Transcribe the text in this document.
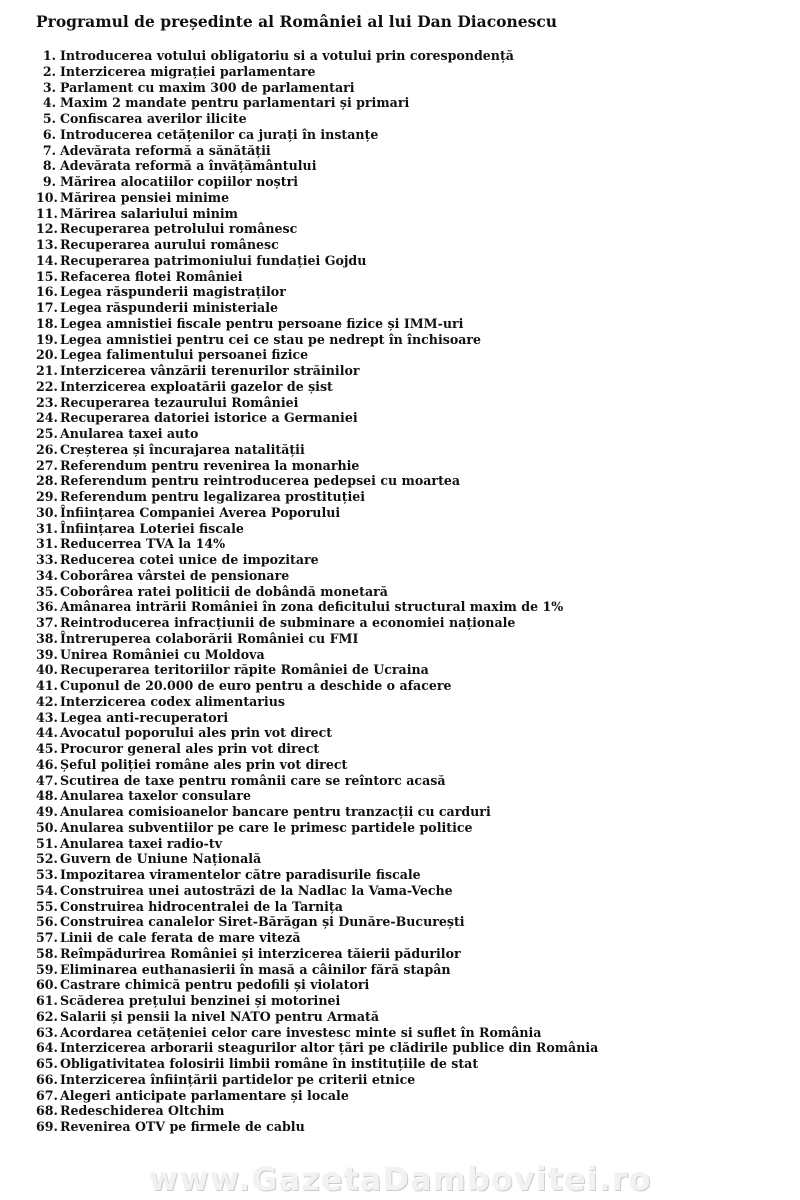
Programul de președinte al României al lui Dan Diaconescu
1. Introducerea votului obligatoriu si a votului prin corespondență
2. Interzicerea migrației parlamentare
3. Parlament cu maxim 300 de parlamentari
4. Maxim 2 mandate pentru parlamentari și primari
5. Confiscarea averilor ilicite
6. Introducerea cetățenilor ca jurați în instanțe
7. Adevărata reformă a sănătății
8. Adevărata reformă a învățământului
9. Mărirea alocatiilor copiilor noștri
10. Mărirea pensiei minime
11. Mărirea salariului minim
12. Recuperarea petrolului românesc
13. Recuperarea aurului românesc
14. Recuperarea patrimoniului fundației Gojdu
15. Refacerea flotei României
16. Legea răspunderii magistraților
17. Legea răspunderii ministeriale
18. Legea amnistiei fiscale pentru persoane fizice și IMM-uri
19. Legea amnistiei pentru cei ce stau pe nedrept în închisoare
20. Legea falimentului persoanei fizice
21. Interzicerea vânzării terenurilor străinilor
22. Interzicerea exploatării gazelor de șist
23. Recuperarea tezaurului României
24. Recuperarea datoriei istorice a Germaniei
25. Anularea taxei auto
26. Creșterea și încurajarea natalității
27. Referendum pentru revenirea la monarhie
28. Referendum pentru reintroducerea pedepsei cu moartea
29. Referendum pentru legalizarea prostituției
30. Înființarea Companiei Averea Poporului
31. Înființarea Loteriei fiscale
31. Reducerrea TVA la 14%
33. Reducerea cotei unice de impozitare
34. Coborârea vârstei de pensionare
35. Coborârea ratei politicii de dobândă monetară
36. Amânarea intrării României în zona deficitului structural maxim de 1%
37. Reintroducerea infracțiunii de subminare a economiei naționale
38. Întreruperea colaborării României cu FMI
39. Unirea României cu Moldova
40. Recuperarea teritoriilor răpite României de Ucraina
41. Cuponul de 20.000 de euro pentru a deschide o afacere
42. Interzicerea codex alimentarius
43. Legea anti-recuperatori
44. Avocatul poporului ales prin vot direct
45. Procuror general ales prin vot direct
46. Șeful poliției române ales prin vot direct
47. Scutirea de taxe pentru românii care se reîntorc acasă
48. Anularea taxelor consulare
49. Anularea comisioanelor bancare pentru tranzacții cu carduri
50. Anularea subventiilor pe care le primesc partidele politice
51. Anularea taxei radio-tv
52. Guvern de Uniune Națională
53. Impozitarea viramentelor către paradisurile fiscale
54. Construirea unei autostrăzi de la Nadlac la Vama-Veche
55. Construirea hidrocentralei de la Tarnița
56. Construirea canalelor Siret-Bărăgan și Dunăre-București
57. Linii de cale ferata de mare viteză
58. Reîmpădurirea României și interzicerea tăierii pădurilor
59. Eliminarea euthanasierii în masă a câinilor fără stapân
60. Castrare chimică pentru pedofili și violatori
61. Scăderea prețului benzinei și motorinei
62. Salarii și pensii la nivel NATO pentru Armată
63. Acordarea cetățeniei celor care investesc minte si suflet în România
64. Interzicerea arborarii steagurilor altor țări pe clădirile publice din România
65. Obligativitatea folosirii limbii române în instituțiile de stat
66. Interzicerea înființării partidelor pe criterii etnice
67. Alegeri anticipate parlamentare și locale
68. Redeschiderea Oltchim
69. Revenirea OTV pe firmele de cablu
www.GazetaDambovitei.ro
